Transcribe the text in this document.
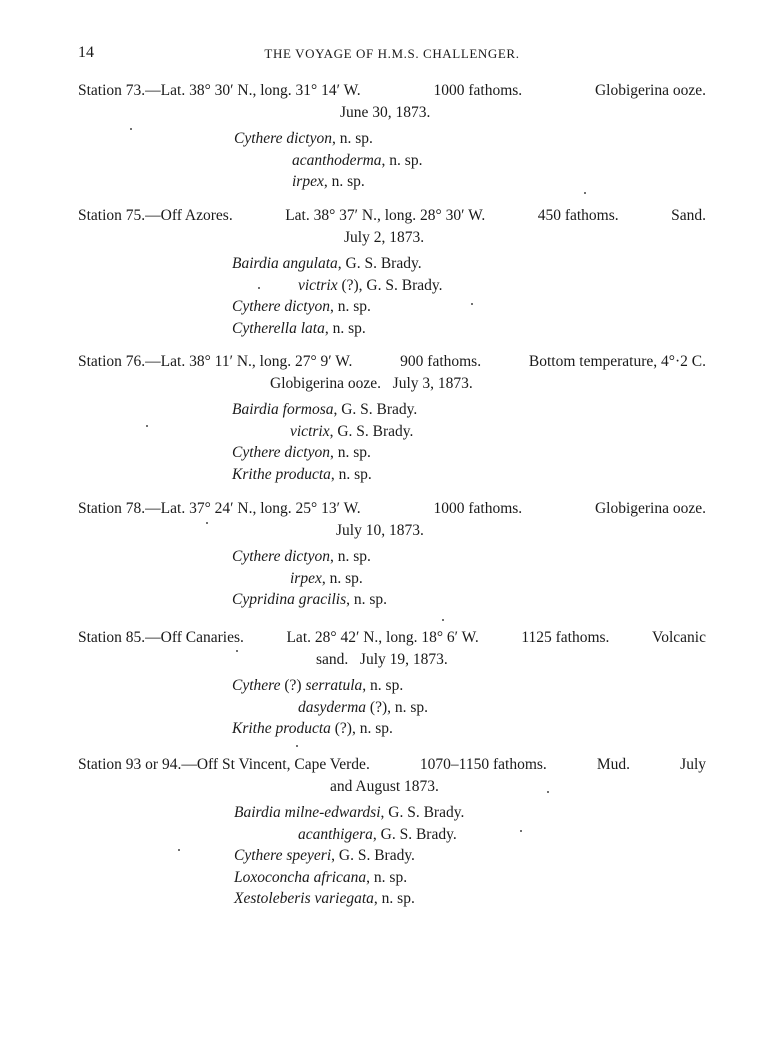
14	THE VOYAGE OF H.M.S. CHALLENGER.
Station 73.—Lat. 38° 30′ N., long. 31° 14′ W.	1000 fathoms.	Globigerina ooze.
June 30, 1873.
Cythere dictyon, n. sp.
acanthoderma, n. sp.
irpex, n. sp.
Station 75.—Off Azores.	Lat. 38° 37′ N., long. 28° 30′ W.	450 fathoms.	Sand.
July 2, 1873.
Bairdia angulata, G. S. Brady.
victrix (?), G. S. Brady.
Cythere dictyon, n. sp.
Cytherella lata, n. sp.
Station 76.—Lat. 38° 11′ N., long. 27° 9′ W.	900 fathoms.	Bottom temperature, 4°·2 C.
Globigerina ooze.   July 3, 1873.
Bairdia formosa, G. S. Brady.
victrix, G. S. Brady.
Cythere dictyon, n. sp.
Krithe producta, n. sp.
Station 78.—Lat. 37° 24′ N., long. 25° 13′ W.	1000 fathoms.	Globigerina ooze.
July 10, 1873.
Cythere dictyon, n. sp.
irpex, n. sp.
Cypridina gracilis, n. sp.
Station 85.—Off Canaries.	Lat. 28° 42′ N., long. 18° 6′ W.	1125 fathoms.	Volcanic
sand.   July 19, 1873.
Cythere (?) serratula, n. sp.
dasyderma (?), n. sp.
Krithe producta (?), n. sp.
Station 93 or 94.—Off St Vincent, Cape Verde.	1070–1150 fathoms.	Mud.	July
and August 1873.
Bairdia milne-edwardsi, G. S. Brady.
acanthigera, G. S. Brady.
Cythere speyeri, G. S. Brady.
Loxoconcha africana, n. sp.
Xestoleberis variegata, n. sp.
